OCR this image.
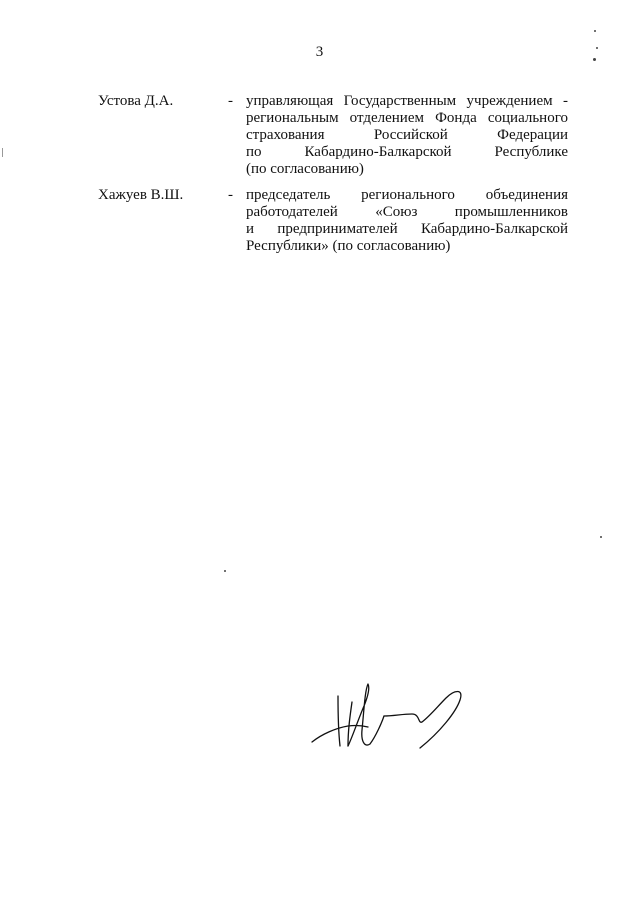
3
Устова Д.А.	- управляющая Государственным учреждением -
региональным отделением Фонда социального
страхования Российской Федерации
по Кабардино-Балкарской Республике
(по согласованию)
Хажуев В.Ш.	- председатель регионального объединения
работодателей «Союз промышленников
и предпринимателей Кабардино-Балкарской
Республики» (по согласованию)
